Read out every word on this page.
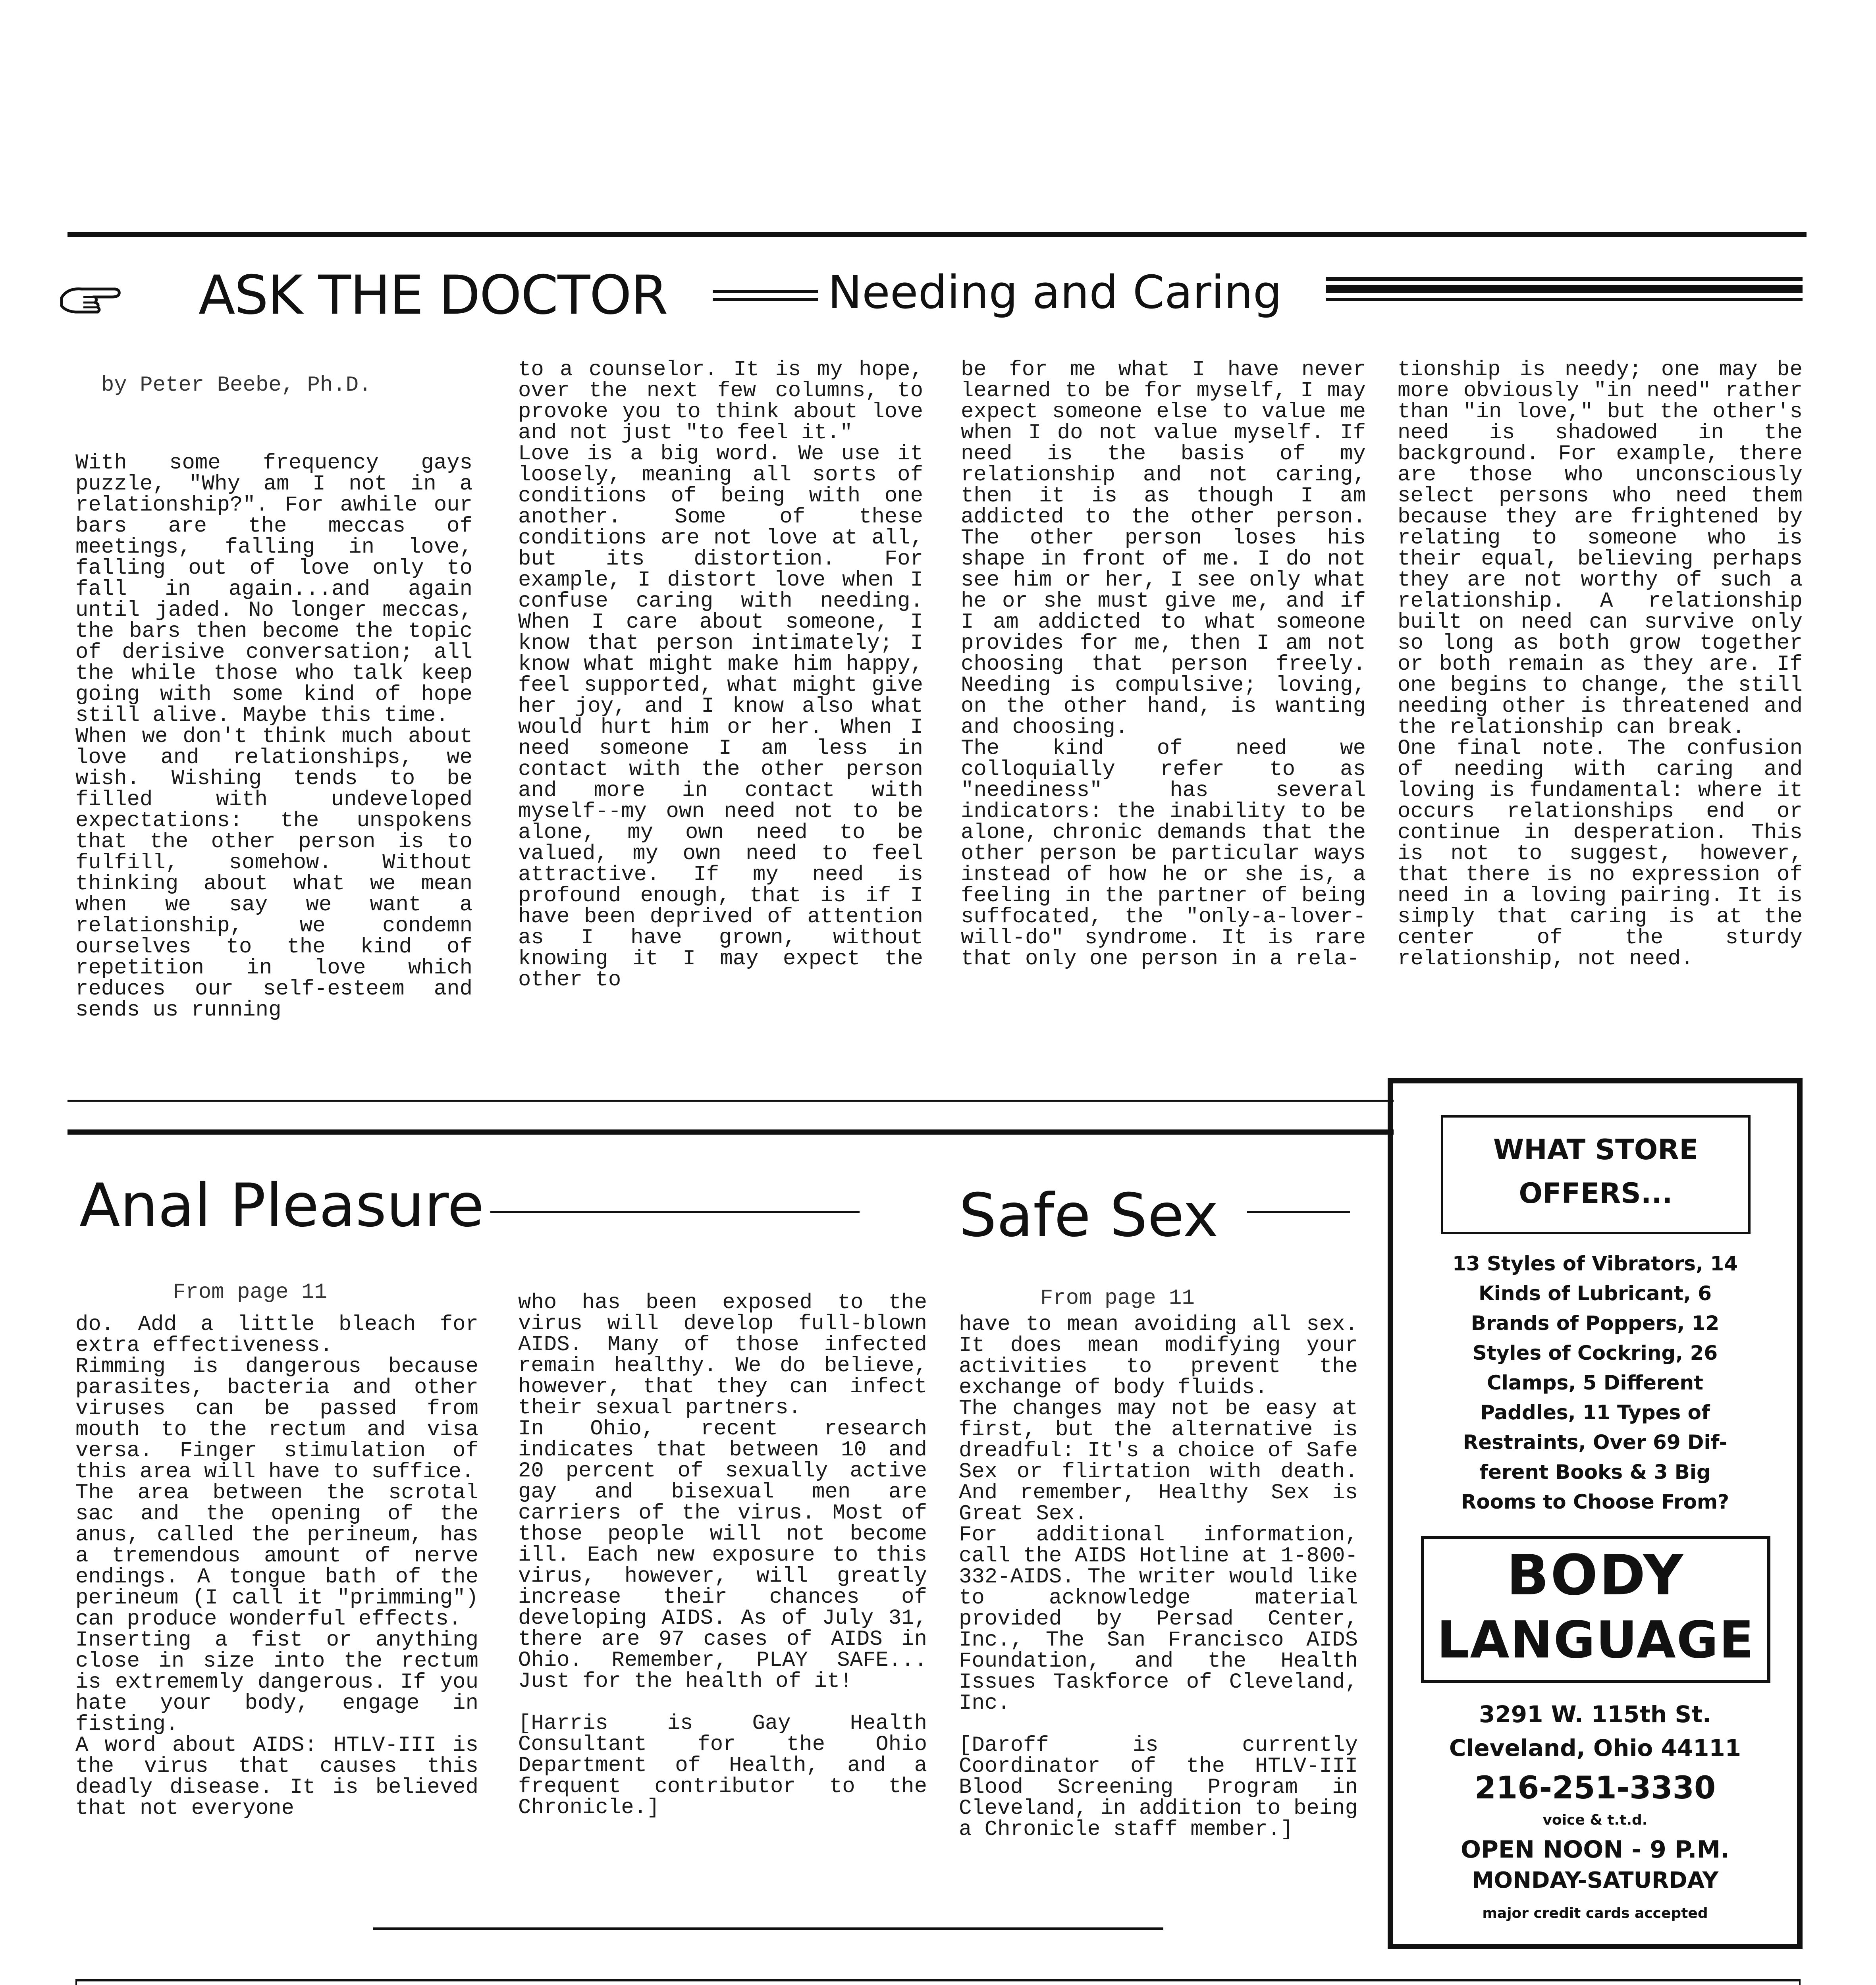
ASK THE DOCTOR	Needing and Caring
by Peter Beebe, Ph.D.
With some frequency gays puzzle, "Why am I not in a relationship?". For awhile our bars are the meccas of meetings, falling in love, falling out of love only to fall in again...and again until jaded. No longer meccas, the bars then become the topic of derisive conversation; all the while those who talk keep going with some kind of hope still alive. Maybe this time.
When we don't think much about love and relationships, we wish. Wishing tends to be filled with undeveloped expectations: the unspokens that the other person is to fulfill, somehow. Without thinking about what we mean when we say we want a relationship, we condemn ourselves to the kind of repetition in love which reduces our self-esteem and sends us running
to a counselor. It is my hope, over the next few columns, to provoke you to think about love and not just "to feel it."
Love is a big word. We use it loosely, meaning all sorts of conditions of being with one another. Some of these conditions are not love at all, but its distortion. For example, I distort love when I confuse caring with needing. When I care about someone, I know that person intimately; I know what might make him happy, feel supported, what might give her joy, and I know also what would hurt him or her. When I need someone I am less in contact with the other person and more in contact with myself--my own need not to be alone, my own need to be valued, my own need to feel attractive. If my need is profound enough, that is if I have been deprived of attention as I have grown, without knowing it I may expect the other to
be for me what I have never learned to be for myself, I may expect someone else to value me when I do not value myself. If need is the basis of my relationship and not caring, then it is as though I am addicted to the other person. The other person loses his shape in front of me. I do not see him or her, I see only what he or she must give me, and if I am addicted to what someone provides for me, then I am not choosing that person freely. Needing is compulsive; loving, on the other hand, is wanting and choosing.
The kind of need we colloquially refer to as "neediness" has several indicators: the inability to be alone, chronic demands that the other person be particular ways instead of how he or she is, a feeling in the partner of being suffocated, the "only-a-lover-will-do" syndrome. It is rare that only one person in a rela-
tionship is needy; one may be more obviously "in need" rather than "in love," but the other's need is shadowed in the background. For example, there are those who unconsciously select persons who need them because they are frightened by relating to someone who is their equal, believing perhaps they are not worthy of such a relationship. A relationship built on need can survive only so long as both grow together or both remain as they are. If one begins to change, the still needing other is threatened and the relationship can break.
One final note. The confusion of needing with caring and loving is fundamental: where it occurs relationships end or continue in desperation. This is not to suggest, however, that there is no expression of need in a loving pairing. It is simply that caring is at the center of the sturdy relationship, not need.
Anal Pleasure	Safe Sex
From page 11
do. Add a little bleach for extra effectiveness.
Rimming is dangerous because parasites, bacteria and other viruses can be passed from mouth to the rectum and visa versa. Finger stimulation of this area will have to suffice.
The area between the scrotal sac and the opening of the anus, called the perineum, has a tremendous amount of nerve endings. A tongue bath of the perineum (I call it "primming") can produce wonderful effects.
Inserting a fist or anything close in size into the rectum is extrememly dangerous. If you hate your body, engage in fisting.
A word about AIDS: HTLV-III is the virus that causes this deadly disease. It is believed that not everyone
who has been exposed to the virus will develop full-blown AIDS. Many of those infected remain healthy. We do believe, however, that they can infect their sexual partners.
In Ohio, recent research indicates that between 10 and 20 percent of sexually active gay and bisexual men are carriers of the virus. Most of those people will not become ill. Each new exposure to this virus, however, will greatly increase their chances of developing AIDS. As of July 31, there are 97 cases of AIDS in Ohio. Remember, PLAY SAFE... Just for the health of it!

[Harris is Gay Health Consultant for the Ohio Department of Health, and a frequent contributor to the Chronicle.]
From page 11
have to mean avoiding all sex. It does mean modifying your activities to prevent the exchange of body fluids.
The changes may not be easy at first, but the alternative is dreadful: It's a choice of Safe Sex or flirtation with death. And remember, Healthy Sex is Great Sex.
For additional information, call the AIDS Hotline at 1-800-332-AIDS. The writer would like to acknowledge material provided by Persad Center, Inc., The San Francisco AIDS Foundation, and the Health Issues Taskforce of Cleveland, Inc.

[Daroff is currently Coordinator of the HTLV-III Blood Screening Program in Cleveland, in addition to being a Chronicle staff member.]
WHAT STORE
OFFERS...
13 Styles of Vibrators, 14
Kinds of Lubricant, 6
Brands of Poppers, 12
Styles of Cockring, 26
Clamps, 5 Different
Paddles, 11 Types of
Restraints, Over 69 Dif-
ferent Books & 3 Big
Rooms to Choose From?
BODY
LANGUAGE
3291 W. 115th St.
Cleveland, Ohio 44111
216-251-3330
voice & t.t.d.
OPEN NOON - 9 P.M.
MONDAY-SATURDAY
major credit cards accepted
